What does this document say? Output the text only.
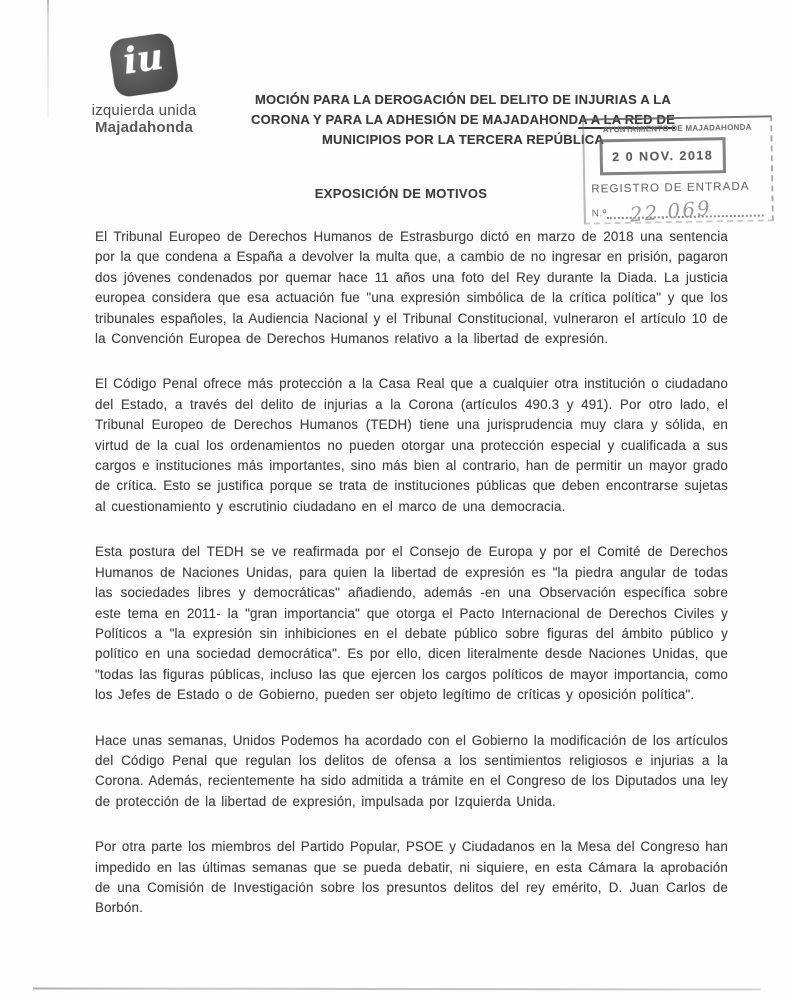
iu
izquierda unida
Majadahonda
MOCIÓN PARA LA DEROGACIÓN DEL DELITO DE INJURIAS A LA
CORONA Y PARA LA ADHESIÓN DE MAJADAHONDA A LA RED DE
MUNICIPIOS POR LA TERCERA REPÚBLICA
AYUNTAMIENTO DE MAJADAHONDA
2 0 NOV. 2018
REGISTRO DE ENTRADA
N.º 22.069
EXPOSICIÓN DE MOTIVOS

El Tribunal Europeo de Derechos Humanos de Estrasburgo dictó en marzo de 2018 una sentencia por la que condena a España a devolver la multa que, a cambio de no ingresar en prisión, pagaron dos jóvenes condenados por quemar hace 11 años una foto del Rey durante la Diada. La justicia europea considera que esa actuación fue "una expresión simbólica de la crítica política" y que los tribunales españoles, la Audiencia Nacional y el Tribunal Constitucional, vulneraron el artículo 10 de la Convención Europea de Derechos Humanos relativo a la libertad de expresión.

El Código Penal ofrece más protección a la Casa Real que a cualquier otra institución o ciudadano del Estado, a través del delito de injurias a la Corona (artículos 490.3 y 491). Por otro lado, el Tribunal Europeo de Derechos Humanos (TEDH) tiene una jurisprudencia muy clara y sólida, en virtud de la cual los ordenamientos no pueden otorgar una protección especial y cualificada a sus cargos e instituciones más importantes, sino más bien al contrario, han de permitir un mayor grado de crítica. Esto se justifica porque se trata de instituciones públicas que deben encontrarse sujetas al cuestionamiento y escrutinio ciudadano en el marco de una democracia.

Esta postura del TEDH se ve reafirmada por el Consejo de Europa y por el Comité de Derechos Humanos de Naciones Unidas, para quien la libertad de expresión es "la piedra angular de todas las sociedades libres y democráticas" añadiendo, además -en una Observación específica sobre este tema en 2011- la "gran importancia" que otorga el Pacto Internacional de Derechos Civiles y Políticos a "la expresión sin inhibiciones en el debate público sobre figuras del ámbito público y político en una sociedad democrática". Es por ello, dicen literalmente desde Naciones Unidas, que "todas las figuras públicas, incluso las que ejercen los cargos políticos de mayor importancia, como los Jefes de Estado o de Gobierno, pueden ser objeto legítimo de críticas y oposición política".

Hace unas semanas, Unidos Podemos ha acordado con el Gobierno la modificación de los artículos del Código Penal que regulan los delitos de ofensa a los sentimientos religiosos e injurias a la Corona. Además, recientemente ha sido admitida a trámite en el Congreso de los Diputados una ley de protección de la libertad de expresión, impulsada por Izquierda Unida.

Por otra parte los miembros del Partido Popular, PSOE y Ciudadanos en la Mesa del Congreso han impedido en las últimas semanas que se pueda debatir, ni siquiere, en esta Cámara la aprobación de una Comisión de Investigación sobre los presuntos delitos del rey emérito, D. Juan Carlos de Borbón.
